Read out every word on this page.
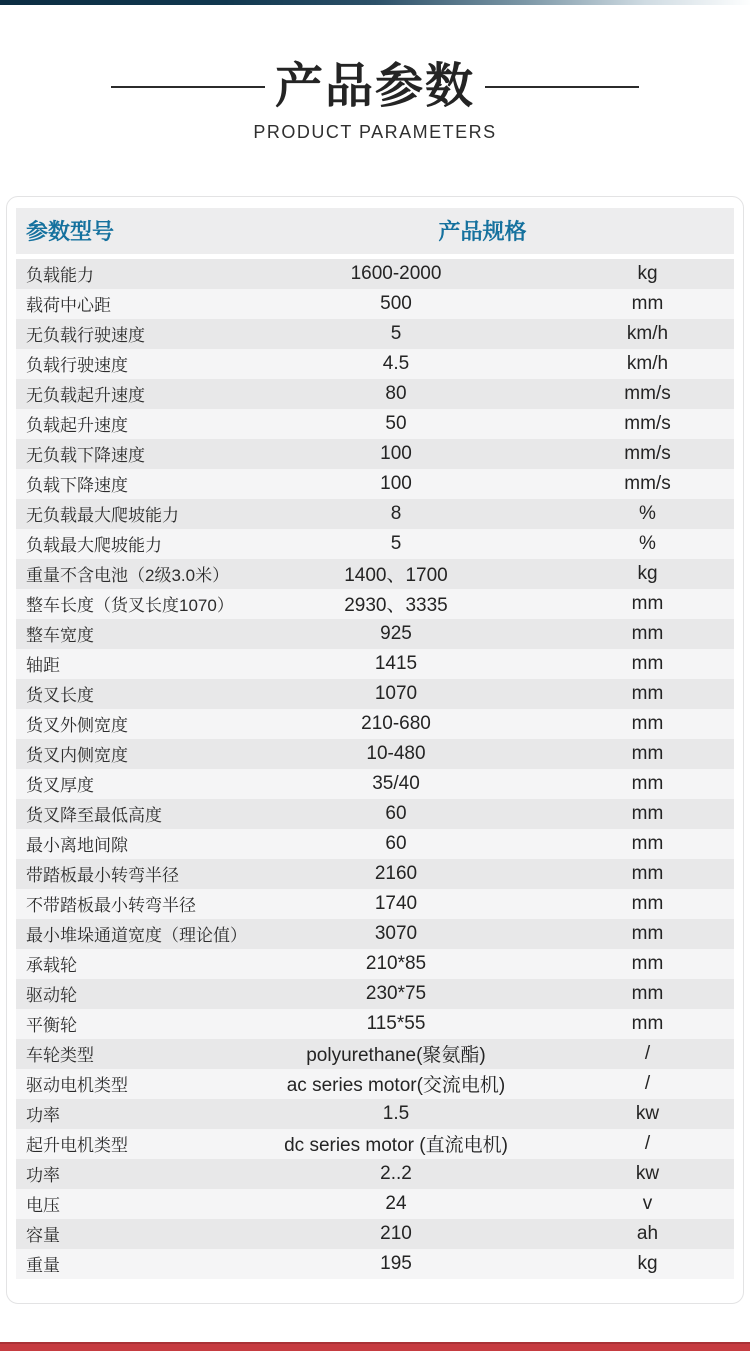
产品参数
PRODUCT PARAMETERS
参数型号	产品规格
负载能力	1600-2000	kg
载荷中心距	500	mm
无负载行驶速度	5	km/h
负载行驶速度	4.5	km/h
无负载起升速度	80	mm/s
负载起升速度	50	mm/s
无负载下降速度	100	mm/s
负载下降速度	100	mm/s
无负载最大爬坡能力	8	%
负载最大爬坡能力	5	%
重量不含电池（2级3.0米）	1400、1700	kg
整车长度（货叉长度1070）	2930、3335	mm
整车宽度	925	mm
轴距	1415	mm
货叉长度	1070	mm
货叉外侧宽度	210-680	mm
货叉内侧宽度	10-480	mm
货叉厚度	35/40	mm
货叉降至最低高度	60	mm
最小离地间隙	60	mm
带踏板最小转弯半径	2160	mm
不带踏板最小转弯半径	1740	mm
最小堆垛通道宽度（理论值）	3070	mm
承载轮	210*85	mm
驱动轮	230*75	mm
平衡轮	115*55	mm
车轮类型	polyurethane(聚氨酯)	/
驱动电机类型	ac series motor(交流电机)	/
功率	1.5	kw
起升电机类型	dc series motor (直流电机)	/
功率	2..2	kw
电压	24	v
容量	210	ah
重量	195	kg
